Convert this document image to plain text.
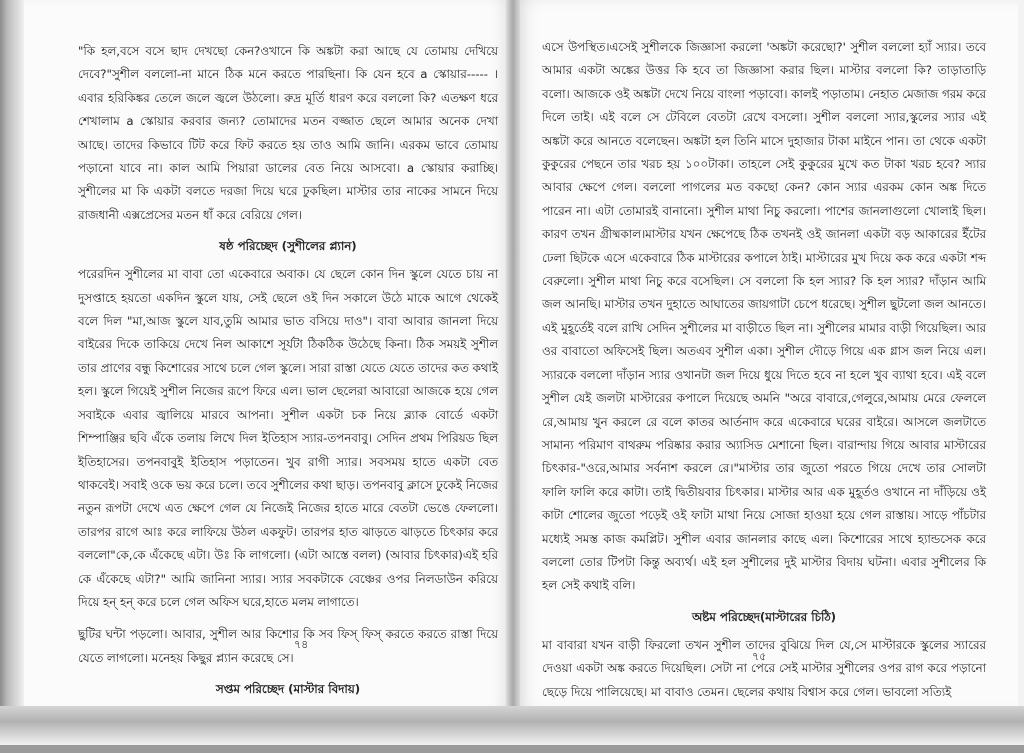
"কি হল,বসে বসে ছাদ দেখছো কেন?ওখানে কি অঙ্কটা করা আছে যে তোমায় দেখিয়ে দেবে?"সুশীল বললো-না মানে ঠিক মনে করতে পারছিনা। কি যেন হবে a স্কোয়ার----- । এবার হরিকিঙ্কর তেলে জলে জ্বলে উঠলো। রুদ্র মূর্তি ধারণ করে বললো কি? এতক্ষণ ধরে শেখালাম a স্কোয়ার করবার জন্য? তোমাদের মতন বজ্জাত ছেলে আমার অনেক দেখা আছে। তাদের কিভাবে টিট করে ফিট করতে হয় তাও আমি জানি। এরকম ভাবে তোমায় পড়ানো যাবে না। কাল আমি পিয়ারা ডালের বেত নিয়ে আসবো। a স্কোয়ার করাচ্ছি। সুশীলের মা কি একটা বলতে দরজা দিয়ে ঘরে ঢুকছিল। মাস্টার তার নাকের সামনে দিয়ে রাজধানী এক্সপ্রেসের মতন ধাঁ করে বেরিয়ে গেল।

ষষ্ঠ পরিচ্ছেদ (সুশীলের প্ল্যান)

পরেরদিন সুশীলের মা বাবা তো একেবারে অবাক। যে ছেলে কোন দিন স্কুলে যেতে চায় না দুসপ্তাহে হয়তো একদিন স্কুলে যায়, সেই ছেলে ওই দিন সকালে উঠে মাকে আগে থেকেই বলে দিল "মা,আজ স্কুলে যাব,তুমি আমার ভাত বসিয়ে দাও"। বাবা আবার জানলা দিয়ে বাইরের দিকে তাকিয়ে দেখে নিল আকাশে সূর্যটা ঠিকঠিক উঠেছে কিনা। ঠিক সময়ই সুশীল তার প্রাণের বন্ধু কিশোরের সাথে চলে গেল স্কুলে। সারা রাস্তা যেতে যেতে তাদের কত কথাই হল। স্কুলে গিয়েই সুশীল নিজের রূপে ফিরে এল। ভাল ছেলেরা আবারো আজকে হয়ে গেল সবাইকে এবার জ্বালিয়ে মারবে আপনা। সুশীল একটা চক নিয়ে ব্ল্যাক বোর্ডে একটা শিম্পাঞ্জির ছবি এঁকে তলায় লিখে দিল ইতিহাস স্যার-তপনবাবু। সেদিন প্রথম পিরিয়ড ছিল ইতিহাসের। তপনবাবুই ইতিহাস পড়াতেন। খুব রাগী স্যার। সবসময় হাতে একটা বেত থাকবেই। সবাই ওকে ভয় করে চলে। তবে সুশীলের কথা ছাড়। তপনবাবু ক্লাসে ঢুকেই নিজের নতুন রূপটা দেখে এত ক্ষেপে গেল যে নিজেই নিজের হাতে মারে বেতটা ভেঙে ফেললো।তারপর রাগে আঃ করে লাফিয়ে উঠল একফুট। তারপর হাত ঝাড়তে ঝাড়তে চিৎকার করে বললো"কে,কে এঁকেছে এটা। উঃ কি লাগলো। (এটা আস্তে বলল) (আবার চিৎকার)এই হরি কে এঁকেছে এটা?" আমি জানিনা স্যার। স্যার সবকটাকে বেঞ্চের ওপর নিলডাউন করিয়ে দিয়ে হন্‌ হন্‌ করে চলে গেল অফিস ঘরে,হাতে মলম লাগাতে।

ছুটির ঘন্টা পড়লো। আবার, সুশীল আর কিশোর কি সব ফিস্‌ ফিস্‌ করতে করতে রাস্তা দিয়ে যেতে লাগলো। মনেহয় কিছুর প্ল্যান করেছে সে।

সপ্তম পরিচ্ছেদ (মাস্টার বিদায়)

৭৪

এসে উপস্থিত।এসেই সুশীলকে জিজ্ঞাসা করলো 'অঙ্কটা করেছো?' সুশীল বললো হ্যাঁ স্যার। তবে আমার একটা অঙ্কের উত্তর কি হবে তা জিজ্ঞাসা করার ছিল। মাস্টার বললো কি? তাড়াতাড়ি বলো। আজকে ওই অঙ্কটা দেখে নিয়ে বাংলা পড়াবো। কালই পড়াতাম। নেহাত মেজাজ গরম করে দিলে তাই। এই বলে সে টেবিলে বেতটা রেখে বসলো। সুশীল বললো স্যার,স্কুলের স্যার এই অঙ্কটা করে আনতে বলেছেন। অঙ্কটা হল তিনি মাসে দুহাজার টাকা মাইনে পান। তা থেকে একটা কুকুরের পেছনে তার খরচ হয় ১০০টাকা। তাহলে সেই কুকুরের মুখে কত টাকা খরচ হবে? স্যার আবার ক্ষেপে গেল। বললো পাগলের মত বকছো কেন? কোন স্যার এরকম কোন অঙ্ক দিতে পারেন না। এটা তোমারই বানানো। সুশীল মাথা নিচু করলো। পাশের জানলাগুলো খোলাই ছিল। কারণ তখন গ্রীষ্মকাল।মাস্টার যখন ক্ষেপেছে ঠিক তখনই ওই জানলা একটা বড় আকারের ইঁটের ঢেলা ছিটকে এসে একেবারে ঠিক মাস্টারের কপালে ঠাই। মাস্টারের মুখ দিয়ে কক করে একটা শব্দ বেরুলো। সুশীল মাথা নিচু করে বসেছিল। সে বললো কি হল স্যার? কি হল স্যার? দাঁড়ান আমি জল আনছি। মাস্টার তখন দুহাতে আঘাতের জায়গাটা চেপে ধরেছে। সুশীল ছুটলো জল আনতে। এই মুহূর্তেই বলে রাখি সেদিন সুশীলের মা বাড়ীতে ছিল না। সুশীলের মামার বাড়ী গিয়েছিল। আর ওর বাবাতো অফিসেই ছিল। অতএব সুশীল একা। সুশীল দৌড়ে গিয়ে এক গ্লাস জল নিয়ে এল। স্যারকে বললো দাঁড়ান স্যার ওখানটা জল দিয়ে ধুয়ে দিতে হবে না হলে খুব ব্যাথা হবে। এই বলে সুশীল যেই জলটা মাস্টারের কপালে দিয়েছে অমনি "অরে বাবারে,গেলুরে,আমায় মেরে ফেললে রে,আমায় খুন করলে রে বলে কাতর আর্তনাদ করে একেবারে ঘরের বাইরে। আসলে জলটাতে সামান্য পরিমাণ বাথরুম পরিষ্কার করার অ্যাসিড মেশানো ছিল। বারান্দায় গিয়ে আবার মাস্টারের চিৎকার-"ওরে,আমার সর্বনাশ করলে রে।"মাস্টার তার জুতো পরতে গিয়ে দেখে তার সোলটা ফালি ফালি করে কাটা। তাই দ্বিতীয়বার চিৎকার। মাস্টার আর এক মুহূর্তও ওখানে না দাঁড়িয়ে ওই কাটা শোলের জুতো পড়েই ওই ফাটা মাথা নিয়ে সোজা হাওয়া হয়ে গেল রাস্তায়। সাড়ে পাঁচটার মধ্যেই সমস্ত কাজ কমপ্লিট। সুশীল এবার জানলার কাছে এল। কিশোরের সাথে হ্যান্ডসেক করে বললো তোর টিপটা কিন্তু অব্যর্থ। এই হল সুশীলের দুই মাস্টার বিদায় ঘটনা। এবার সুশীলের কি হল সেই কথাই বলি।

অষ্টম পরিচ্ছেদ(মাস্টারের চিঠি)

মা বাবারা যখন বাড়ী ফিরলো তখন সুশীল তাদের বুঝিয়ে দিল যে,সে মাস্টারকে স্কুলের স্যারের দেওয়া একটা অঙ্ক করতে দিয়েছিল। সেটা না পেরে সেই মাস্টার সুশীলের ওপর রাগ করে পড়ানো ছেড়ে দিয়ে পালিয়েছে। মা বাবাও তেমন। ছেলের কথায় বিশ্বাস করে গেল। ভাবলো সত্যিই

৭৫
